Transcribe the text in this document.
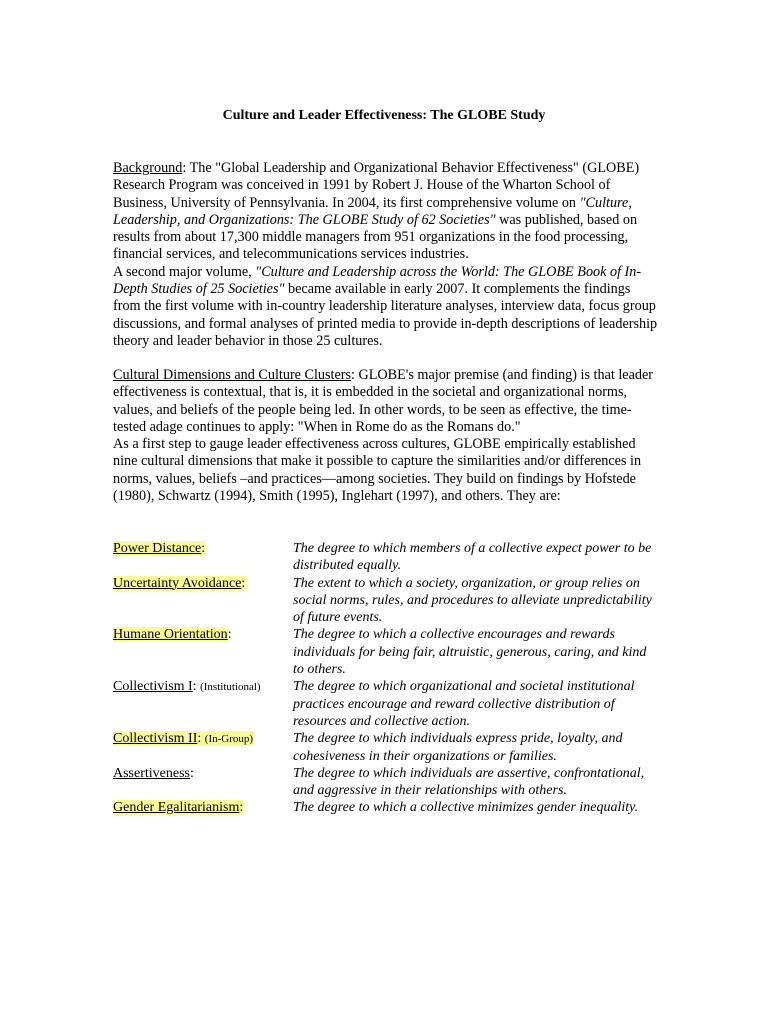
Culture and Leader Effectiveness: The GLOBE Study

Background: The "Global Leadership and Organizational Behavior Effectiveness" (GLOBE) Research Program was conceived in 1991 by Robert J. House of the Wharton School of Business, University of Pennsylvania. In 2004, its first comprehensive volume on "Culture, Leadership, and Organizations: The GLOBE Study of 62 Societies" was published, based on results from about 17,300 middle managers from 951 organizations in the food processing, financial services, and telecommunications services industries.
A second major volume, "Culture and Leadership across the World: The GLOBE Book of In-Depth Studies of 25 Societies" became available in early 2007. It complements the findings from the first volume with in-country leadership literature analyses, interview data, focus group discussions, and formal analyses of printed media to provide in-depth descriptions of leadership theory and leader behavior in those 25 cultures.

Cultural Dimensions and Culture Clusters: GLOBE's major premise (and finding) is that leader effectiveness is contextual, that is, it is embedded in the societal and organizational norms, values, and beliefs of the people being led. In other words, to be seen as effective, the time-tested adage continues to apply: "When in Rome do as the Romans do."
As a first step to gauge leader effectiveness across cultures, GLOBE empirically established nine cultural dimensions that make it possible to capture the similarities and/or differences in norms, values, beliefs –and practices—among societies. They build on findings by Hofstede (1980), Schwartz (1994), Smith (1995), Inglehart (1997), and others. They are:

Power Distance:	The degree to which members of a collective expect power to be distributed equally.
Uncertainty Avoidance:	The extent to which a society, organization, or group relies on social norms, rules, and procedures to alleviate unpredictability of future events.
Humane Orientation:	The degree to which a collective encourages and rewards individuals for being fair, altruistic, generous, caring, and kind to others.
Collectivism I: (Institutional)	The degree to which organizational and societal institutional practices encourage and reward collective distribution of resources and collective action.
Collectivism II: (In-Group)	The degree to which individuals express pride, loyalty, and cohesiveness in their organizations or families.
Assertiveness:	The degree to which individuals are assertive, confrontational, and aggressive in their relationships with others.
Gender Egalitarianism:	The degree to which a collective minimizes gender inequality.
